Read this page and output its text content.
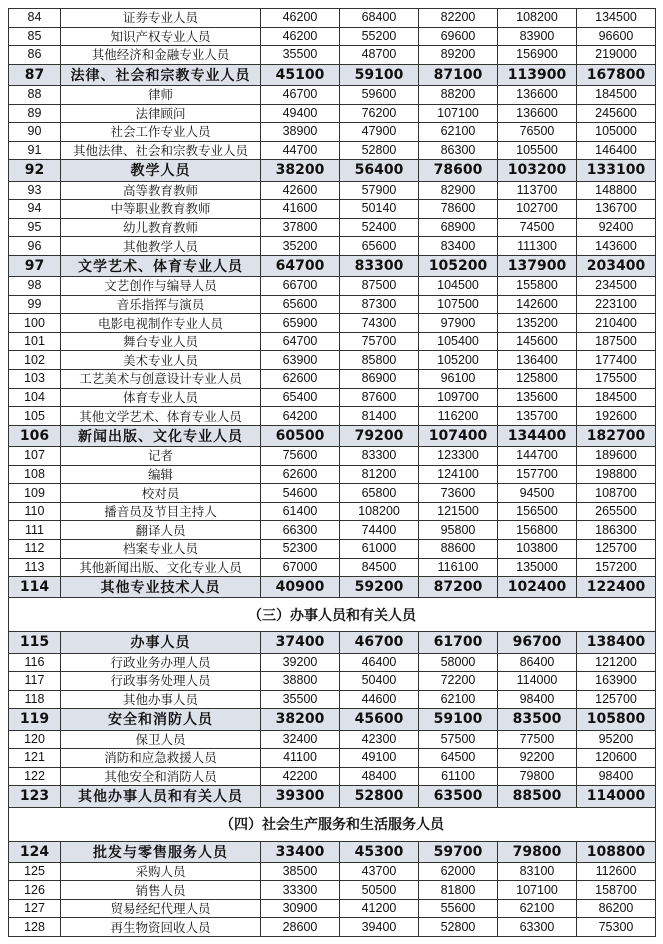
84	证券专业人员	46200	68400	82200	108200	134500
85	知识产权专业人员	46200	55200	69600	83900	96600
86	其他经济和金融专业人员	35500	48700	89200	156900	219000
87	法律、社会和宗教专业人员	45100	59100	87100	113900	167800
88	律师	46700	59600	88200	136600	184500
89	法律顾问	49400	76200	107100	136600	245600
90	社会工作专业人员	38900	47900	62100	76500	105000
91	其他法律、社会和宗教专业人员	44700	52800	86300	105500	146400
92	教学人员	38200	56400	78600	103200	133100
93	高等教育教师	42600	57900	82900	113700	148800
94	中等职业教育教师	41600	50140	78600	102700	136700
95	幼儿教育教师	37800	52400	68900	74500	92400
96	其他教学人员	35200	65600	83400	111300	143600
97	文学艺术、体育专业人员	64700	83300	105200	137900	203400
98	文艺创作与编导人员	66700	87500	104500	155800	234500
99	音乐指挥与演员	65600	87300	107500	142600	223100
100	电影电视制作专业人员	65900	74300	97900	135200	210400
101	舞台专业人员	64700	75700	105400	145600	187500
102	美术专业人员	63900	85800	105200	136400	177400
103	工艺美术与创意设计专业人员	62600	86900	96100	125800	175500
104	体育专业人员	65400	87600	109700	135600	184500
105	其他文学艺术、体育专业人员	64200	81400	116200	135700	192600
106	新闻出版、文化专业人员	60500	79200	107400	134400	182700
107	记者	75600	83300	123300	144700	189600
108	编辑	62600	81200	124100	157700	198800
109	校对员	54600	65800	73600	94500	108700
110	播音员及节目主持人	61400	108200	121500	156500	265500
111	翻译人员	66300	74400	95800	156800	186300
112	档案专业人员	52300	61000	88600	103800	125700
113	其他新闻出版、文化专业人员	67000	84500	116100	135000	157200
114	其他专业技术人员	40900	59200	87200	102400	122400
（三）办事人员和有关人员						
115	办事人员	37400	46700	61700	96700	138400
116	行政业务办理人员	39200	46400	58000	86400	121200
117	行政事务处理人员	38800	50400	72200	114000	163900
118	其他办事人员	35500	44600	62100	98400	125700
119	安全和消防人员	38200	45600	59100	83500	105800
120	保卫人员	32400	42300	57500	77500	95200
121	消防和应急救援人员	41100	49100	64500	92200	120600
122	其他安全和消防人员	42200	48400	61100	79800	98400
123	其他办事人员和有关人员	39300	52800	63500	88500	114000
（四）社会生产服务和生活服务人员						
124	批发与零售服务人员	33400	45300	59700	79800	108800
125	采购人员	38500	43700	62000	83100	112600
126	销售人员	33300	50500	81800	107100	158700
127	贸易经纪代理人员	30900	41200	55600	62100	86200
128	再生物资回收人员	28600	39400	52800	63300	75300
